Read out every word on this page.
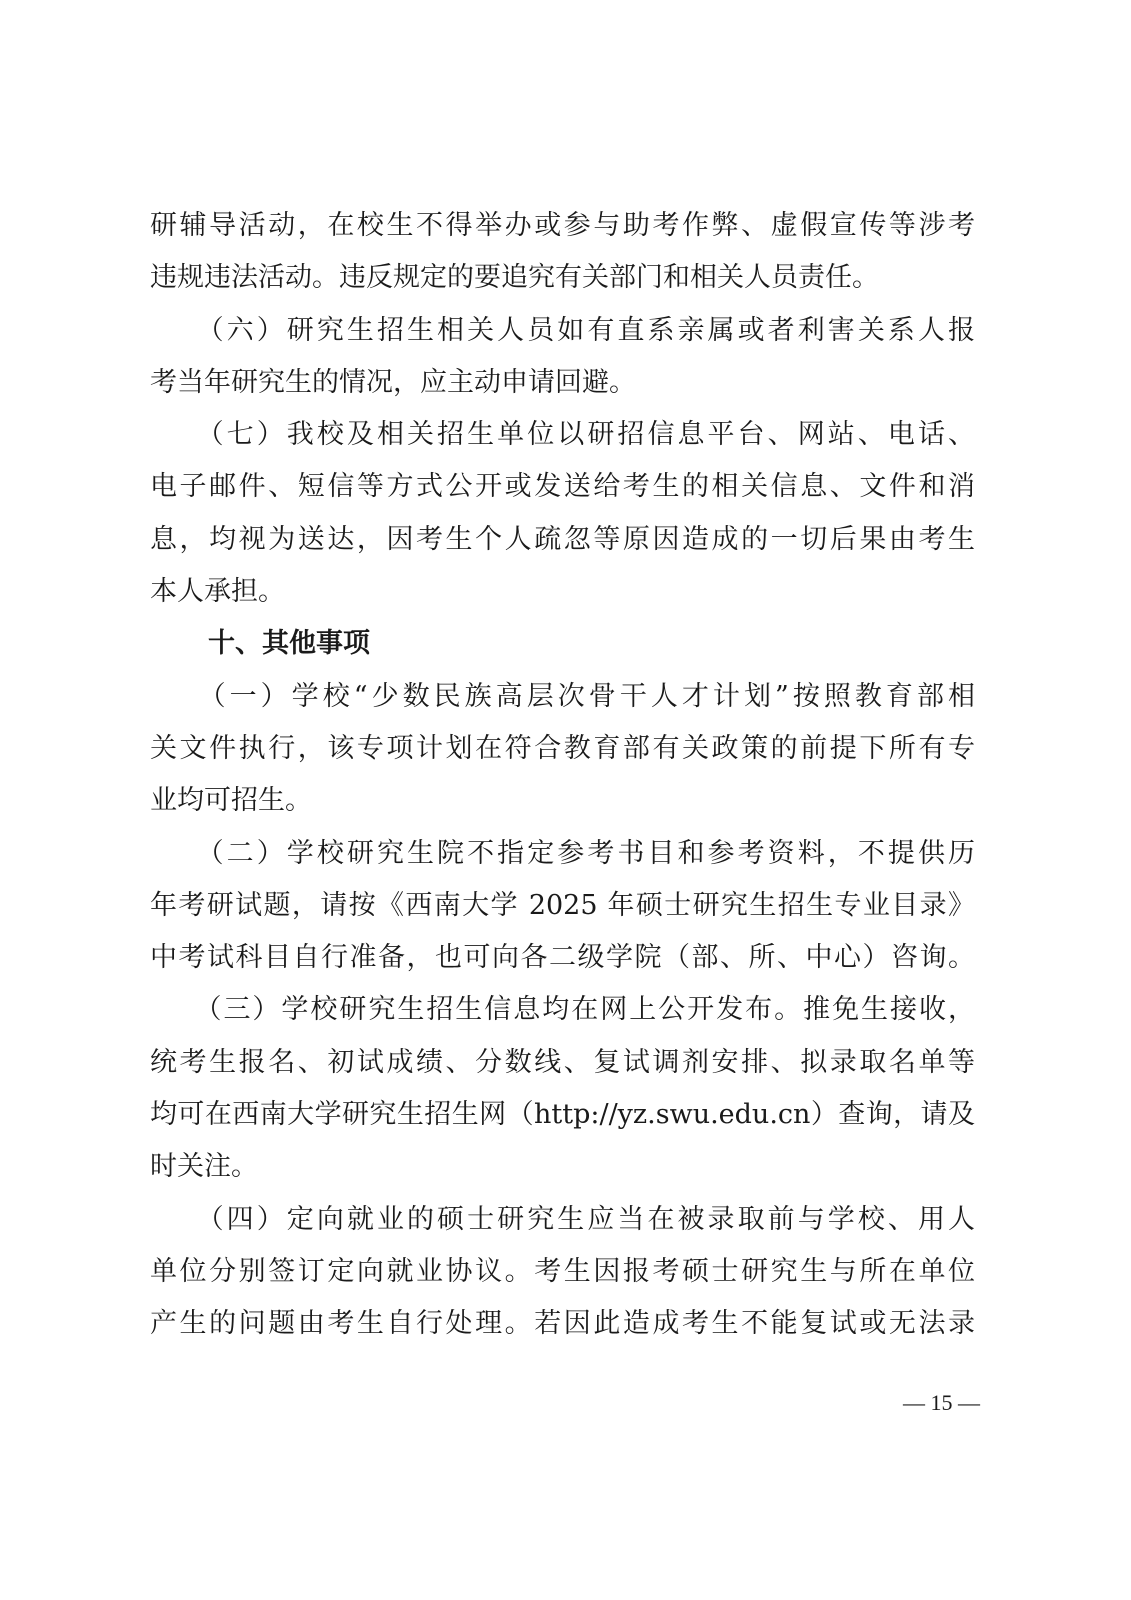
研辅导活动，在校生不得举办或参与助考作弊、虚假宣传等涉考
违规违法活动。违反规定的要追究有关部门和相关人员责任。
　　（六）研究生招生相关人员如有直系亲属或者利害关系人报
考当年研究生的情况，应主动申请回避。
　　（七）我校及相关招生单位以研招信息平台、网站、电话、
电子邮件、短信等方式公开或发送给考生的相关信息、文件和消
息，均视为送达，因考生个人疏忽等原因造成的一切后果由考生
本人承担。
十、其他事项
　　（一）学校“少数民族高层次骨干人才计划”按照教育部相
关文件执行，该专项计划在符合教育部有关政策的前提下所有专
业均可招生。
　　（二）学校研究生院不指定参考书目和参考资料，不提供历
年考研试题，请按《西南大学 2025 年硕士研究生招生专业目录》
中考试科目自行准备，也可向各二级学院（部、所、中心）咨询。
　　（三）学校研究生招生信息均在网上公开发布。推免生接收，
统考生报名、初试成绩、分数线、复试调剂安排、拟录取名单等
均可在西南大学研究生招生网（http://yz.swu.edu.cn）查询，请及
时关注。
　　（四）定向就业的硕士研究生应当在被录取前与学校、用人
单位分别签订定向就业协议。考生因报考硕士研究生与所在单位
产生的问题由考生自行处理。若因此造成考生不能复试或无法录
— 15 —
